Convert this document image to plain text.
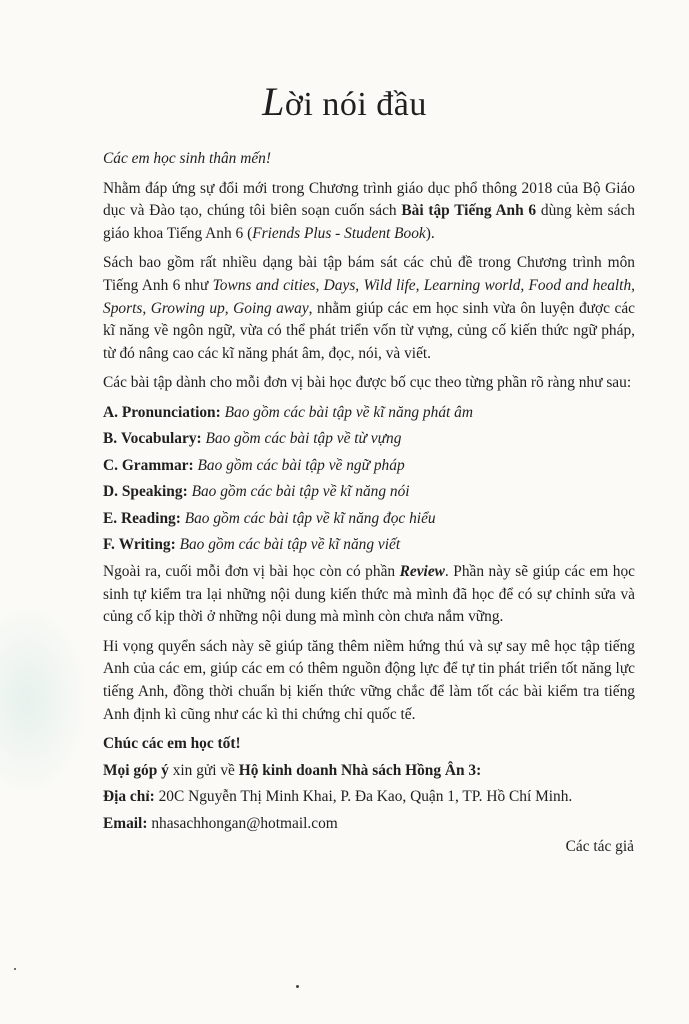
Lời nói đầu

Các em học sinh thân mến!

Nhằm đáp ứng sự đổi mới trong Chương trình giáo dục phổ thông 2018 của Bộ Giáo dục và Đào tạo, chúng tôi biên soạn cuốn sách Bài tập Tiếng Anh 6 dùng kèm sách giáo khoa Tiếng Anh 6 (Friends Plus - Student Book).

Sách bao gồm rất nhiều dạng bài tập bám sát các chủ đề trong Chương trình môn Tiếng Anh 6 như Towns and cities, Days, Wild life, Learning world, Food and health, Sports, Growing up, Going away, nhằm giúp các em học sinh vừa ôn luyện được các kĩ năng về ngôn ngữ, vừa có thể phát triển vốn từ vựng, củng cố kiến thức ngữ pháp, từ đó nâng cao các kĩ năng phát âm, đọc, nói, và viết.

Các bài tập dành cho mỗi đơn vị bài học được bố cục theo từng phần rõ ràng như sau:

A. Pronunciation: Bao gồm các bài tập về kĩ năng phát âm
B. Vocabulary: Bao gồm các bài tập về từ vựng
C. Grammar: Bao gồm các bài tập về ngữ pháp
D. Speaking: Bao gồm các bài tập về kĩ năng nói
E. Reading: Bao gồm các bài tập về kĩ năng đọc hiểu
F. Writing: Bao gồm các bài tập về kĩ năng viết

Ngoài ra, cuối mỗi đơn vị bài học còn có phần Review. Phần này sẽ giúp các em học sinh tự kiểm tra lại những nội dung kiến thức mà mình đã học để có sự chỉnh sửa và củng cố kịp thời ở những nội dung mà mình còn chưa nắm vững.

Hi vọng quyển sách này sẽ giúp tăng thêm niềm hứng thú và sự say mê học tập tiếng Anh của các em, giúp các em có thêm nguồn động lực để tự tin phát triển tốt năng lực tiếng Anh, đồng thời chuẩn bị kiến thức vững chắc để làm tốt các bài kiểm tra tiếng Anh định kì cũng như các kì thi chứng chỉ quốc tế.

Chúc các em học tốt!

Mọi góp ý xin gửi về Hộ kinh doanh Nhà sách Hồng Ân 3:

Địa chỉ: 20C Nguyễn Thị Minh Khai, P. Đa Kao, Quận 1, TP. Hồ Chí Minh.

Email: nhasachhongan@hotmail.com

Các tác giả
